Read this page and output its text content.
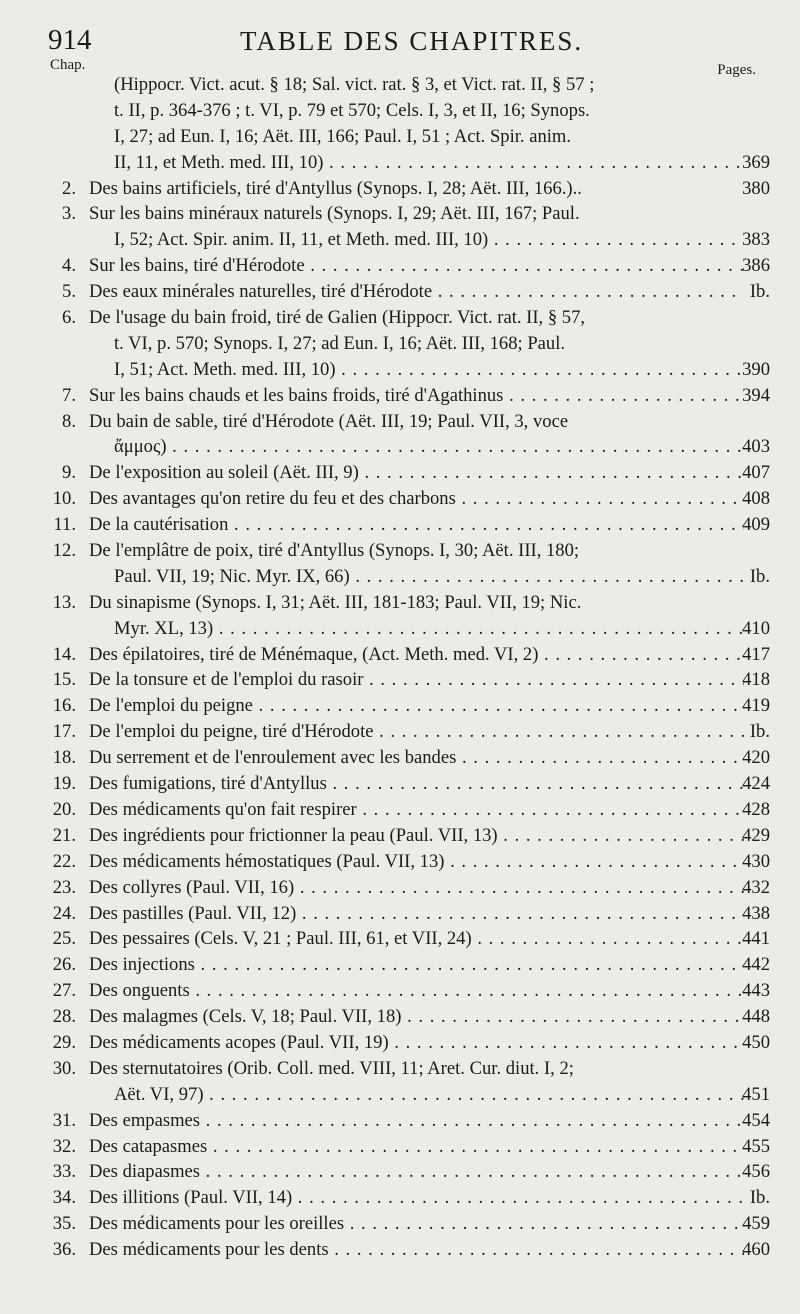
914	TABLE DES CHAPITRES.
Chap.	Pages.
(Hippocr. Vict. acut. § 18; Sal. vict. rat. § 3, et Vict. rat. II, § 57 ;
t. II, p. 364-376 ; t. VI, p. 79 et 570; Cels. I, 3, et II, 16; Synops.
I, 27; ad Eun. I, 16; Aët. III, 166; Paul. I, 51 ; Act. Spir. anim.
II, 11, et Meth. med. III, 10) . . .	369
2. Des bains artificiels, tiré d'Antyllus (Synops. I, 28; Aët. III, 166.)..	380
3. Sur les bains minéraux naturels (Synops. I, 29; Aët. III, 167; Paul.
I, 52; Act. Spir. anim. II, 11, et Meth. med. III, 10) . . .	383
4. Sur les bains, tiré d'Hérodote . . .	386
5. Des eaux minérales naturelles, tiré d'Hérodote . . .	Ib.
6. De l'usage du bain froid, tiré de Galien (Hippocr. Vict. rat. II, § 57,
t. VI, p. 570; Synops. I, 27; ad Eun. I, 16; Aët. III, 168; Paul.
I, 51; Act. Meth. med. III, 10) . . .	390
7. Sur les bains chauds et les bains froids, tiré d'Agathinus . . .	394
8. Du bain de sable, tiré d'Hérodote (Aët. III, 19; Paul. VII, 3, voce
ἄμμος) . . .	403
9. De l'exposition au soleil (Aët. III, 9) . . .	407
10. Des avantages qu'on retire du feu et des charbons . . .	408
11. De la cautérisation . . .	409
12. De l'emplâtre de poix, tiré d'Antyllus (Synops. I, 30; Aët. III, 180;
Paul. VII, 19; Nic. Myr. IX, 66) . . .	Ib.
13. Du sinapisme (Synops. I, 31; Aët. III, 181-183; Paul. VII, 19; Nic.
Myr. XL, 13) . . .	410
14. Des épilatoires, tiré de Ménémaque, (Act. Meth. med. VI, 2) . . .	417
15. De la tonsure et de l'emploi du rasoir . . .	418
16. De l'emploi du peigne . . .	419
17. De l'emploi du peigne, tiré d'Hérodote . . .	Ib.
18. Du serrement et de l'enroulement avec les bandes . . .	420
19. Des fumigations, tiré d'Antyllus . . .	424
20. Des médicaments qu'on fait respirer . . .	428
21. Des ingrédients pour frictionner la peau (Paul. VII, 13) . . .	429
22. Des médicaments hémostatiques (Paul. VII, 13) . . .	430
23. Des collyres (Paul. VII, 16) . . .	432
24. Des pastilles (Paul. VII, 12) . . .	438
25. Des pessaires (Cels. V, 21 ; Paul. III, 61, et VII, 24) . . .	441
26. Des injections . . .	442
27. Des onguents . . .	443
28. Des malagmes (Cels. V, 18; Paul. VII, 18) . . .	448
29. Des médicaments acopes (Paul. VII, 19) . . .	450
30. Des sternutatoires (Orib. Coll. med. VIII, 11; Aret. Cur. diut. I, 2;
Aët. VI, 97) . . .	451
31. Des empasmes . . .	454
32. Des catapasmes . . .	455
33. Des diapasmes . . .	456
34. Des illitions (Paul. VII, 14) . . .	Ib.
35. Des médicaments pour les oreilles . . .	459
36. Des médicaments pour les dents . . .	460
